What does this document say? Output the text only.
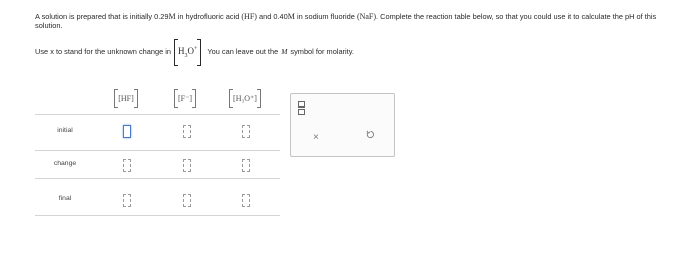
A solution is prepared that is initially 0.29M in hydrofluoric acid (HF) and 0.40M in sodium fluoride (NaF). Complete the reaction table below, so that you could use it to calculate the pH of this solution.
Use x to stand for the unknown change in $H_3O^+$	You can leave out the M symbol for molarity.
[HF]	[F⁻]	[H₃O⁺]
initial
change
final
×
